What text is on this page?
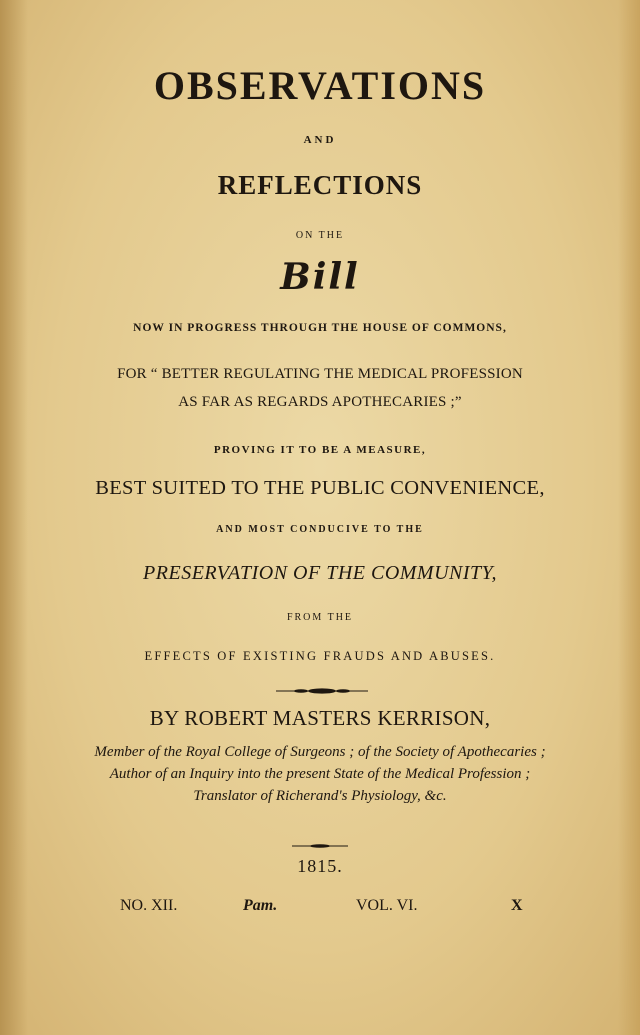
OBSERVATIONS
AND
REFLECTIONS
ON THE
Bill
NOW IN PROGRESS THROUGH THE HOUSE OF COMMONS,
FOR “ BETTER REGULATING THE MEDICAL PROFESSION
AS FAR AS REGARDS APOTHECARIES ;”
PROVING IT TO BE A MEASURE,
BEST SUITED TO THE PUBLIC CONVENIENCE,
AND MOST CONDUCIVE TO THE
PRESERVATION OF THE COMMUNITY,
FROM THE
EFFECTS OF EXISTING FRAUDS AND ABUSES.
BY ROBERT MASTERS KERRISON,
Member of the Royal College of Surgeons ; of the Society of Apothecaries ;
Author of an Inquiry into the present State of the Medical Profession ;
Translator of Richerand's Physiology, &c.
1815.
NO. XII.	Pam.	VOL. VI.	X
